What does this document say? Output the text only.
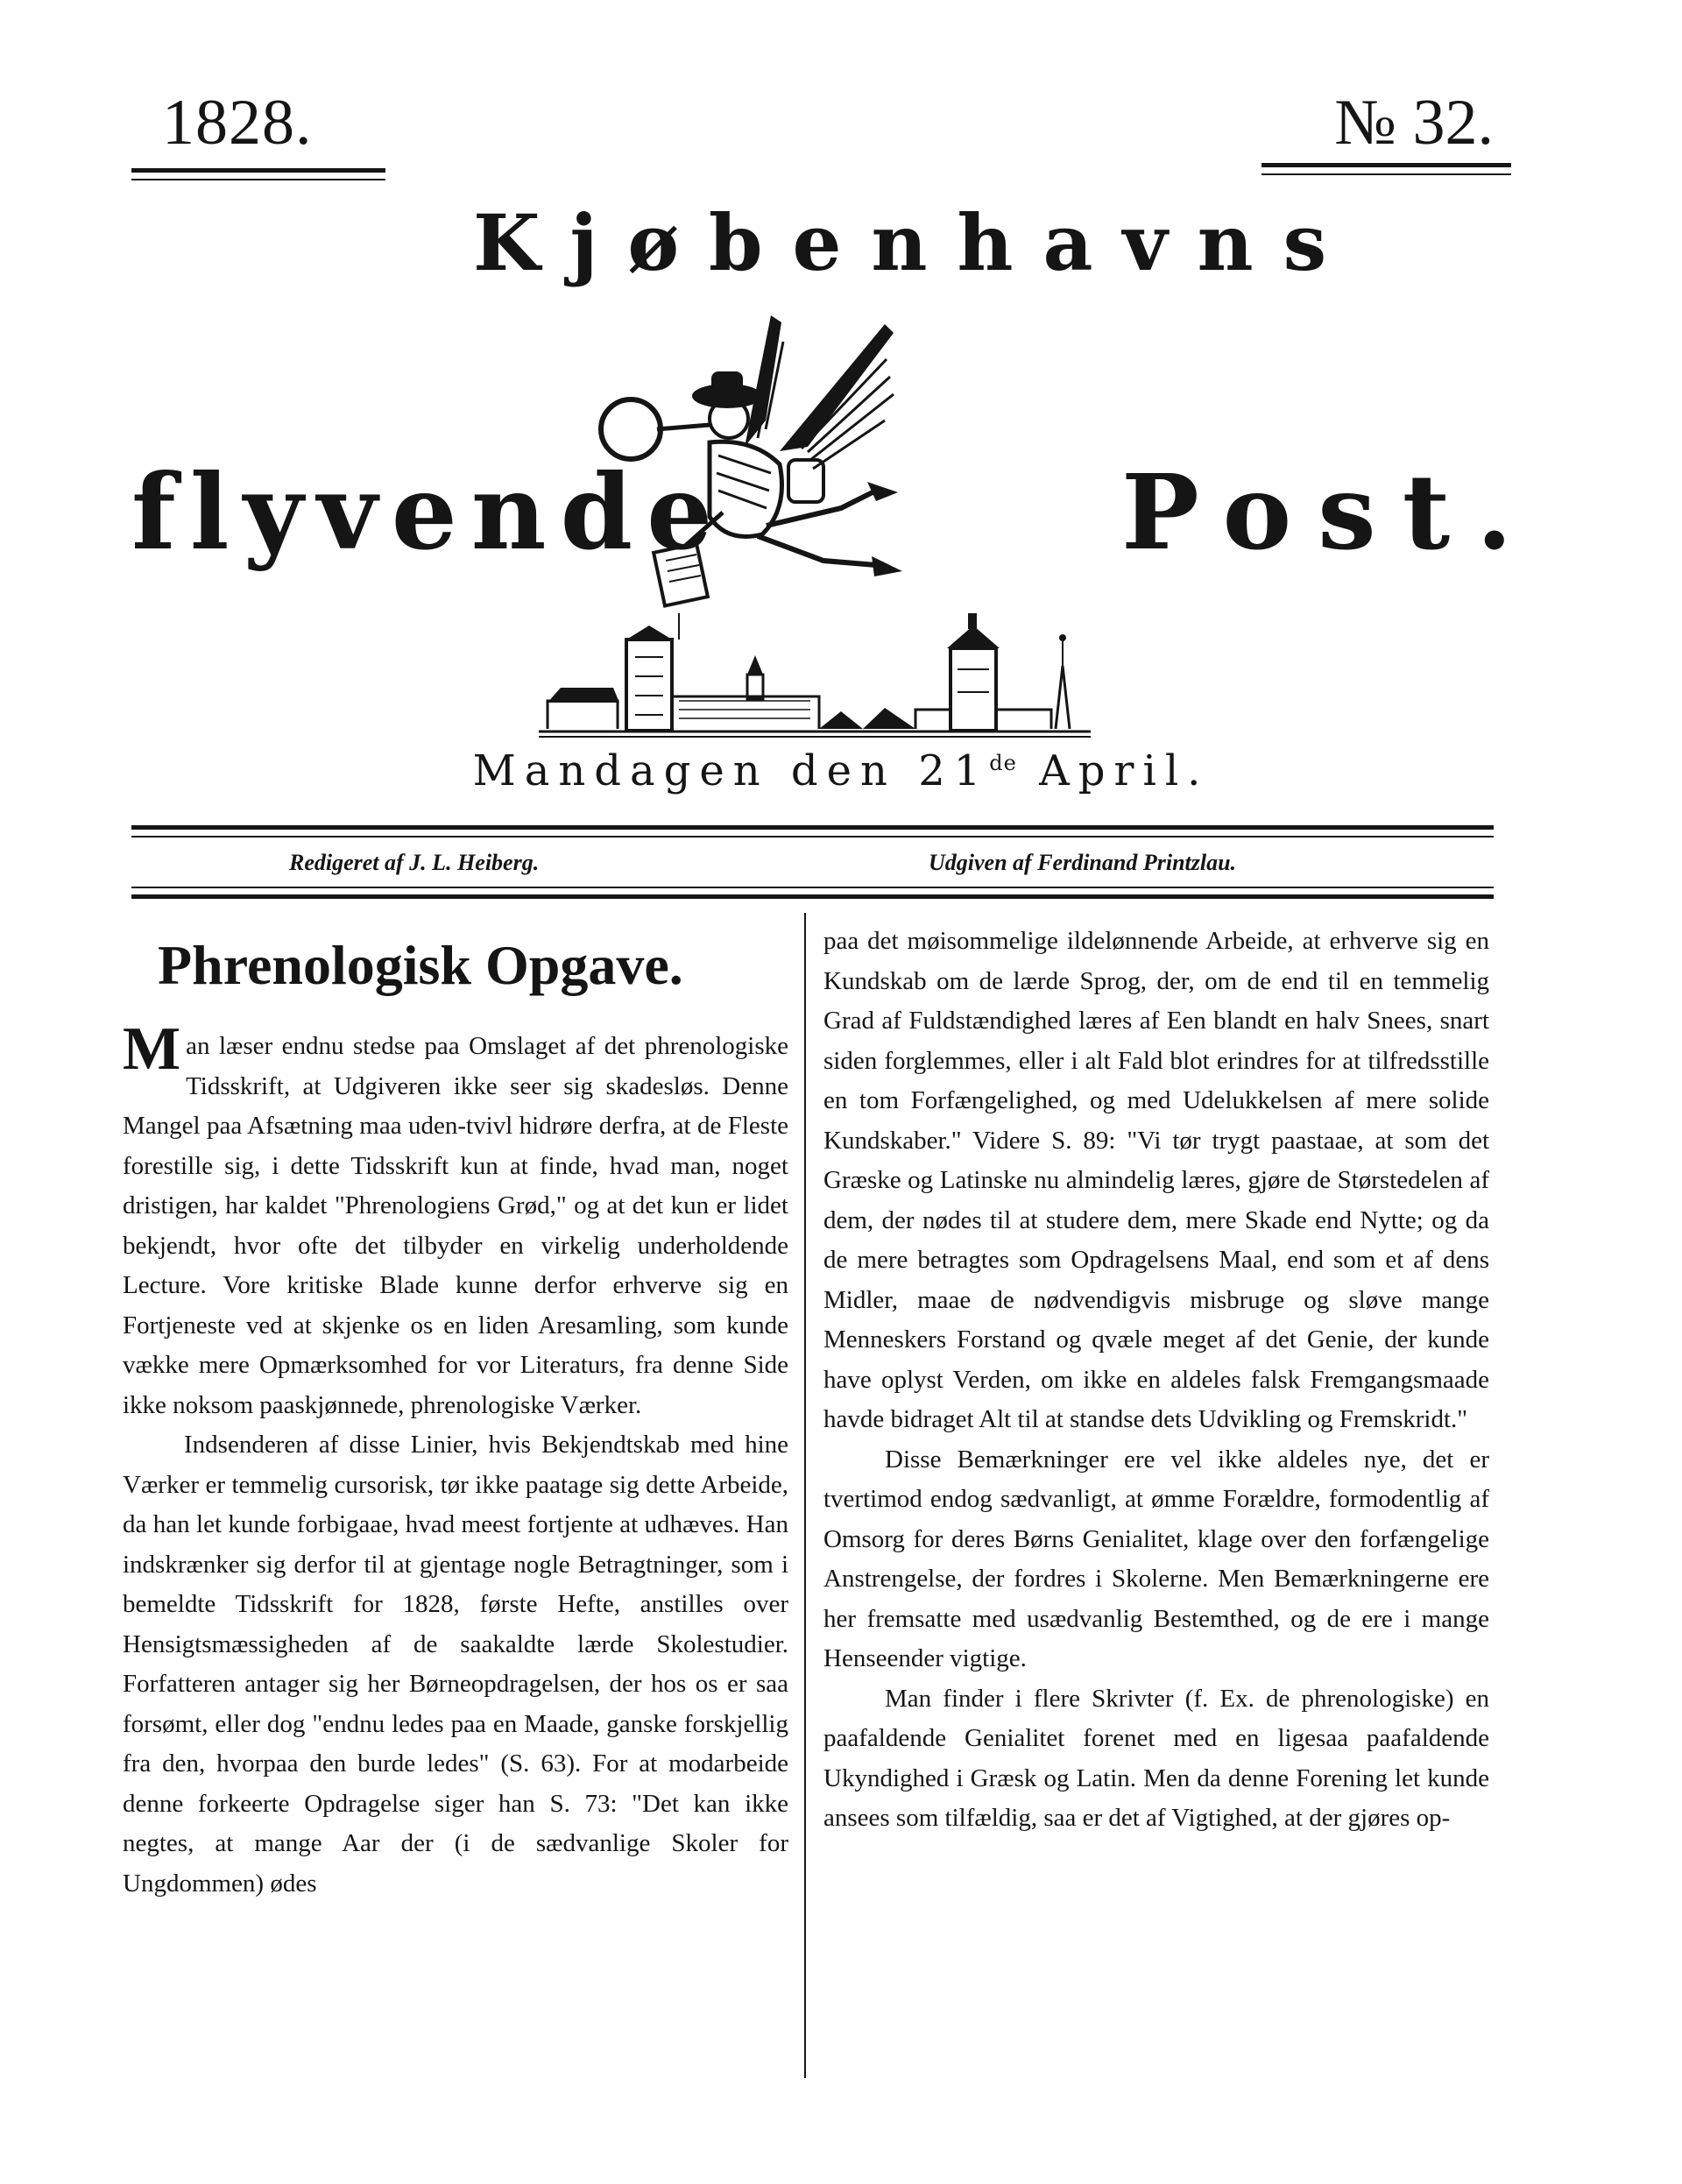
1828.	№ 32.
Kjøbenhavns
flyvende	Post.
Mandagen den 21de April.
Redigeret af J. L. Heiberg.	Udgiven af Ferdinand Printzlau.
Phrenologisk Opgave.

Man læser endnu stedse paa Omslaget af det phrenologiske Tidsskrift, at Udgiveren ikke seer sig skadesløs. Denne Mangel paa Afsætning maa uden-tvivl hidrøre derfra, at de Fleste forestille sig, i dette Tidsskrift kun at finde, hvad man, noget dristigen, har kaldet "Phrenologiens Grød," og at det kun er lidet bekjendt, hvor ofte det tilbyder en virkelig underholdende Lecture. Vore kritiske Blade kunne derfor erhverve sig en Fortjeneste ved at skjenke os en liden Aresamling, som kunde vække mere Opmærksomhed for vor Literaturs, fra denne Side ikke noksom paaskjønnede, phrenologiske Værker.

Indsenderen af disse Linier, hvis Bekjendtskab med hine Værker er temmelig cursorisk, tør ikke paatage sig dette Arbeide, da han let kunde forbigaae, hvad meest fortjente at udhæves. Han indskrænker sig derfor til at gjentage nogle Betragtninger, som i bemeldte Tidsskrift for 1828, første Hefte, anstilles over Hensigtsmæssigheden af de saakaldte lærde Skolestudier. Forfatteren antager sig her Børneopdragelsen, der hos os er saa forsømt, eller dog "endnu ledes paa en Maade, ganske forskjellig fra den, hvorpaa den burde ledes" (S. 63). For at modarbeide denne forkeerte Opdragelse siger han S. 73: "Det kan ikke negtes, at mange Aar der (i de sædvanlige Skoler for Ungdommen) ødes

paa det møisommelige ildelønnende Arbeide, at erhverve sig en Kundskab om de lærde Sprog, der, om de end til en temmelig Grad af Fuldstændighed læres af Een blandt en halv Snees, snart siden forglemmes, eller i alt Fald blot erindres for at tilfredsstille en tom Forfængelighed, og med Udelukkelsen af mere solide Kundskaber." Videre S. 89: "Vi tør trygt paastaae, at som det Græske og Latinske nu almindelig læres, gjøre de Størstedelen af dem, der nødes til at studere dem, mere Skade end Nytte; og da de mere betragtes som Opdragelsens Maal, end som et af dens Midler, maae de nødvendigvis misbruge og sløve mange Menneskers Forstand og qvæle meget af det Genie, der kunde have oplyst Verden, om ikke en aldeles falsk Fremgangsmaade havde bidraget Alt til at standse dets Udvikling og Fremskridt."

Disse Bemærkninger ere vel ikke aldeles nye, det er tvertimod endog sædvanligt, at ømme Forældre, formodentlig af Omsorg for deres Børns Genialitet, klage over den forfængelige Anstrengelse, der fordres i Skolerne. Men Bemærkningerne ere her fremsatte med usædvanlig Bestemthed, og de ere i mange Henseender vigtige.

Man finder i flere Skrivter (f. Ex. de phrenologiske) en paafaldende Genialitet forenet med en ligesaa paafaldende Ukyndighed i Græsk og Latin. Men da denne Forening let kunde ansees som tilfældig, saa er det af Vigtighed, at der gjøres op-
